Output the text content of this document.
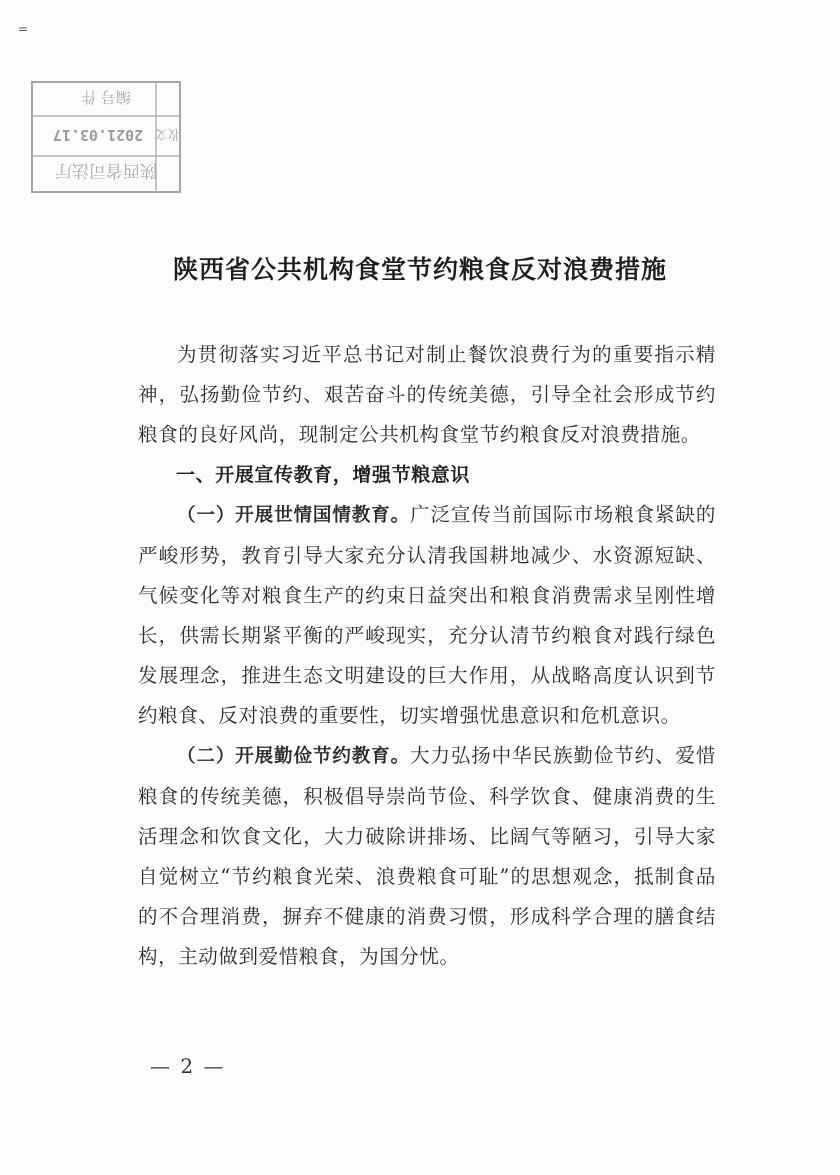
=
陕西省司法厅
2021.03.17
编号 件
收文
陕西省公共机构食堂节约粮食反对浪费措施

为贯彻落实习近平总书记对制止餐饮浪费行为的重要指示精神，弘扬勤俭节约、艰苦奋斗的传统美德，引导全社会形成节约粮食的良好风尚，现制定公共机构食堂节约粮食反对浪费措施。

一、开展宣传教育，增强节粮意识

（一）开展世情国情教育。广泛宣传当前国际市场粮食紧缺的严峻形势，教育引导大家充分认清我国耕地减少、水资源短缺、气候变化等对粮食生产的约束日益突出和粮食消费需求呈刚性增长，供需长期紧平衡的严峻现实，充分认清节约粮食对践行绿色发展理念，推进生态文明建设的巨大作用，从战略高度认识到节约粮食、反对浪费的重要性，切实增强忧患意识和危机意识。

（二）开展勤俭节约教育。大力弘扬中华民族勤俭节约、爱惜粮食的传统美德，积极倡导崇尚节俭、科学饮食、健康消费的生活理念和饮食文化，大力破除讲排场、比阔气等陋习，引导大家自觉树立“节约粮食光荣、浪费粮食可耻”的思想观念，抵制食品的不合理消费，摒弃不健康的消费习惯，形成科学合理的膳食结构，主动做到爱惜粮食，为国分忧。

— 2 —
